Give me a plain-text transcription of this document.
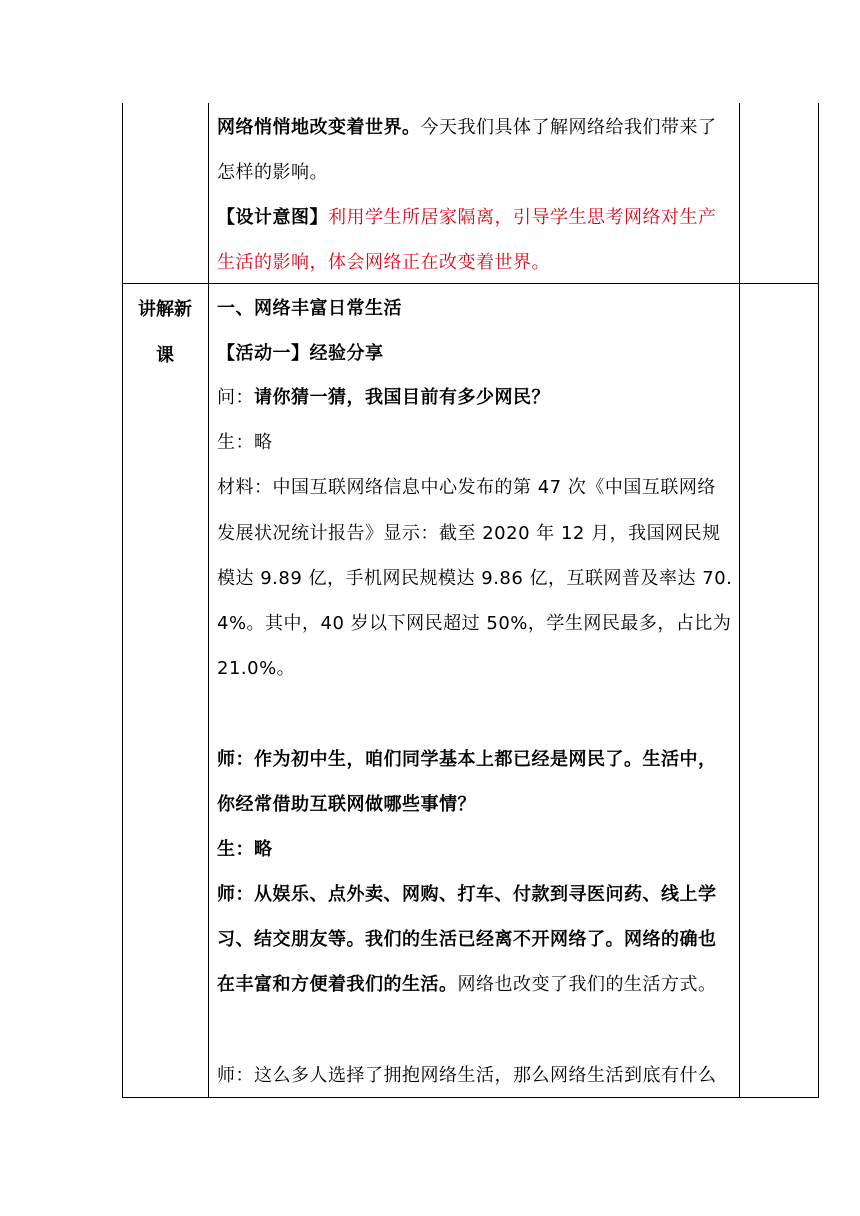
网络悄悄地改变着世界。今天我们具体了解网络给我们带来了
怎样的影响。
【设计意图】利用学生所居家隔离，引导学生思考网络对生产
生活的影响，体会网络正在改变着世界。
讲解新
课
一、网络丰富日常生活
【活动一】经验分享
问：请你猜一猜，我国目前有多少网民？
生：略
材料：中国互联网络信息中心发布的第 47 次《中国互联网络
发展状况统计报告》显示：截至 2020 年 12 月，我国网民规
模达 9.89 亿，手机网民规模达 9.86 亿，互联网普及率达 70.
4%。其中，40 岁以下网民超过 50%，学生网民最多，占比为
21.0%。
师：作为初中生，咱们同学基本上都已经是网民了。生活中，
你经常借助互联网做哪些事情？
生：略
师：从娱乐、点外卖、网购、打车、付款到寻医问药、线上学
习、结交朋友等。我们的生活已经离不开网络了。网络的确也
在丰富和方便着我们的生活。网络也改变了我们的生活方式。
师：这么多人选择了拥抱网络生活，那么网络生活到底有什么
